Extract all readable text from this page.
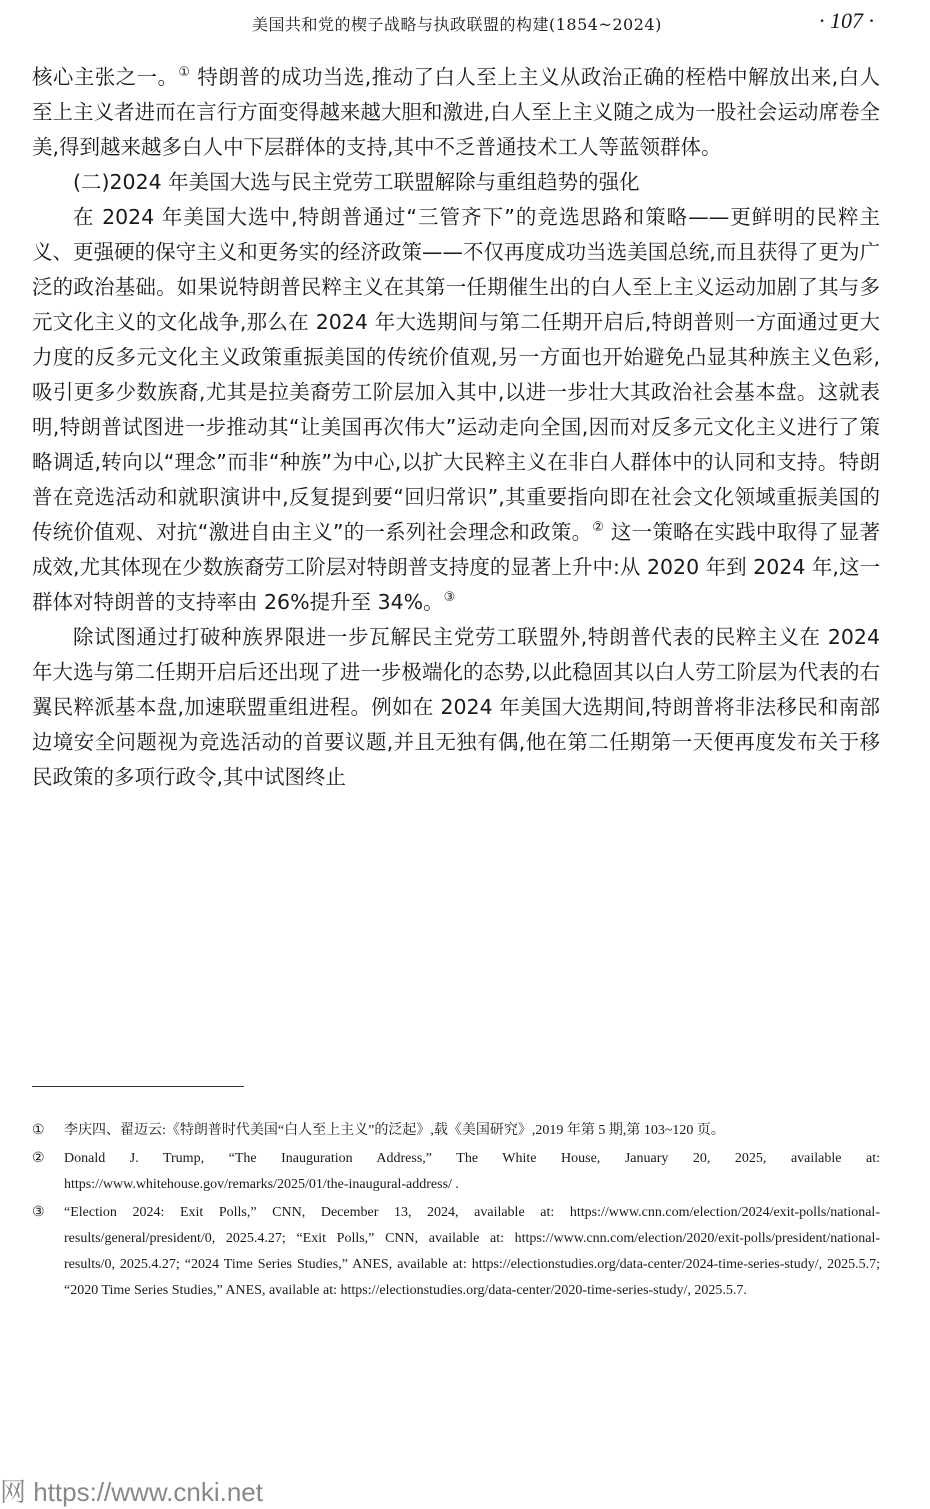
美国共和党的楔子战略与执政联盟的构建(1854~2024)	· 107 ·

核心主张之一。① 特朗普的成功当选,推动了白人至上主义从政治正确的桎梏中解放出来,白人至上主义者进而在言行方面变得越来越大胆和激进,白人至上主义随之成为一股社会运动席卷全美,得到越来越多白人中下层群体的支持,其中不乏普通技术工人等蓝领群体。

(二)2024 年美国大选与民主党劳工联盟解除与重组趋势的强化

在 2024 年美国大选中,特朗普通过“三管齐下”的竞选思路和策略——更鲜明的民粹主义、更强硬的保守主义和更务实的经济政策——不仅再度成功当选美国总统,而且获得了更为广泛的政治基础。如果说特朗普民粹主义在其第一任期催生出的白人至上主义运动加剧了其与多元文化主义的文化战争,那么在 2024 年大选期间与第二任期开启后,特朗普则一方面通过更大力度的反多元文化主义政策重振美国的传统价值观,另一方面也开始避免凸显其种族主义色彩,吸引更多少数族裔,尤其是拉美裔劳工阶层加入其中,以进一步壮大其政治社会基本盘。这就表明,特朗普试图进一步推动其“让美国再次伟大”运动走向全国,因而对反多元文化主义进行了策略调适,转向以“理念”而非“种族”为中心,以扩大民粹主义在非白人群体中的认同和支持。特朗普在竞选活动和就职演讲中,反复提到要“回归常识”,其重要指向即在社会文化领域重振美国的传统价值观、对抗“激进自由主义”的一系列社会理念和政策。② 这一策略在实践中取得了显著成效,尤其体现在少数族裔劳工阶层对特朗普支持度的显著上升中:从 2020 年到 2024 年,这一群体对特朗普的支持率由 26%提升至 34%。③

除试图通过打破种族界限进一步瓦解民主党劳工联盟外,特朗普代表的民粹主义在 2024 年大选与第二任期开启后还出现了进一步极端化的态势,以此稳固其以白人劳工阶层为代表的右翼民粹派基本盘,加速联盟重组进程。例如在 2024 年美国大选期间,特朗普将非法移民和南部边境安全问题视为竞选活动的首要议题,并且无独有偶,他在第二任期第一天便再度发布关于移民政策的多项行政令,其中试图终止

① 李庆四、翟迈云:《特朗普时代美国“白人至上主义”的泛起》,载《美国研究》,2019 年第 5 期,第 103~120 页。
② Donald J. Trump, “The Inauguration Address,” The White House, January 20, 2025, available at: https://www.whitehouse.gov/remarks/2025/01/the-inaugural-address/ .
③ “Election 2024: Exit Polls,” CNN, December 13, 2024, available at: https://www.cnn.com/election/2024/exit-polls/national-results/general/president/0, 2025.4.27; “Exit Polls,” CNN, available at: https://www.cnn.com/election/2020/exit-polls/president/national-results/0, 2025.4.27; “2024 Time Series Studies,” ANES, available at: https://electionstudies.org/data-center/2024-time-series-study/, 2025.5.7; “2020 Time Series Studies,” ANES, available at: https://electionstudies.org/data-center/2020-time-series-study/, 2025.5.7.
网 https://www.cnki.net
